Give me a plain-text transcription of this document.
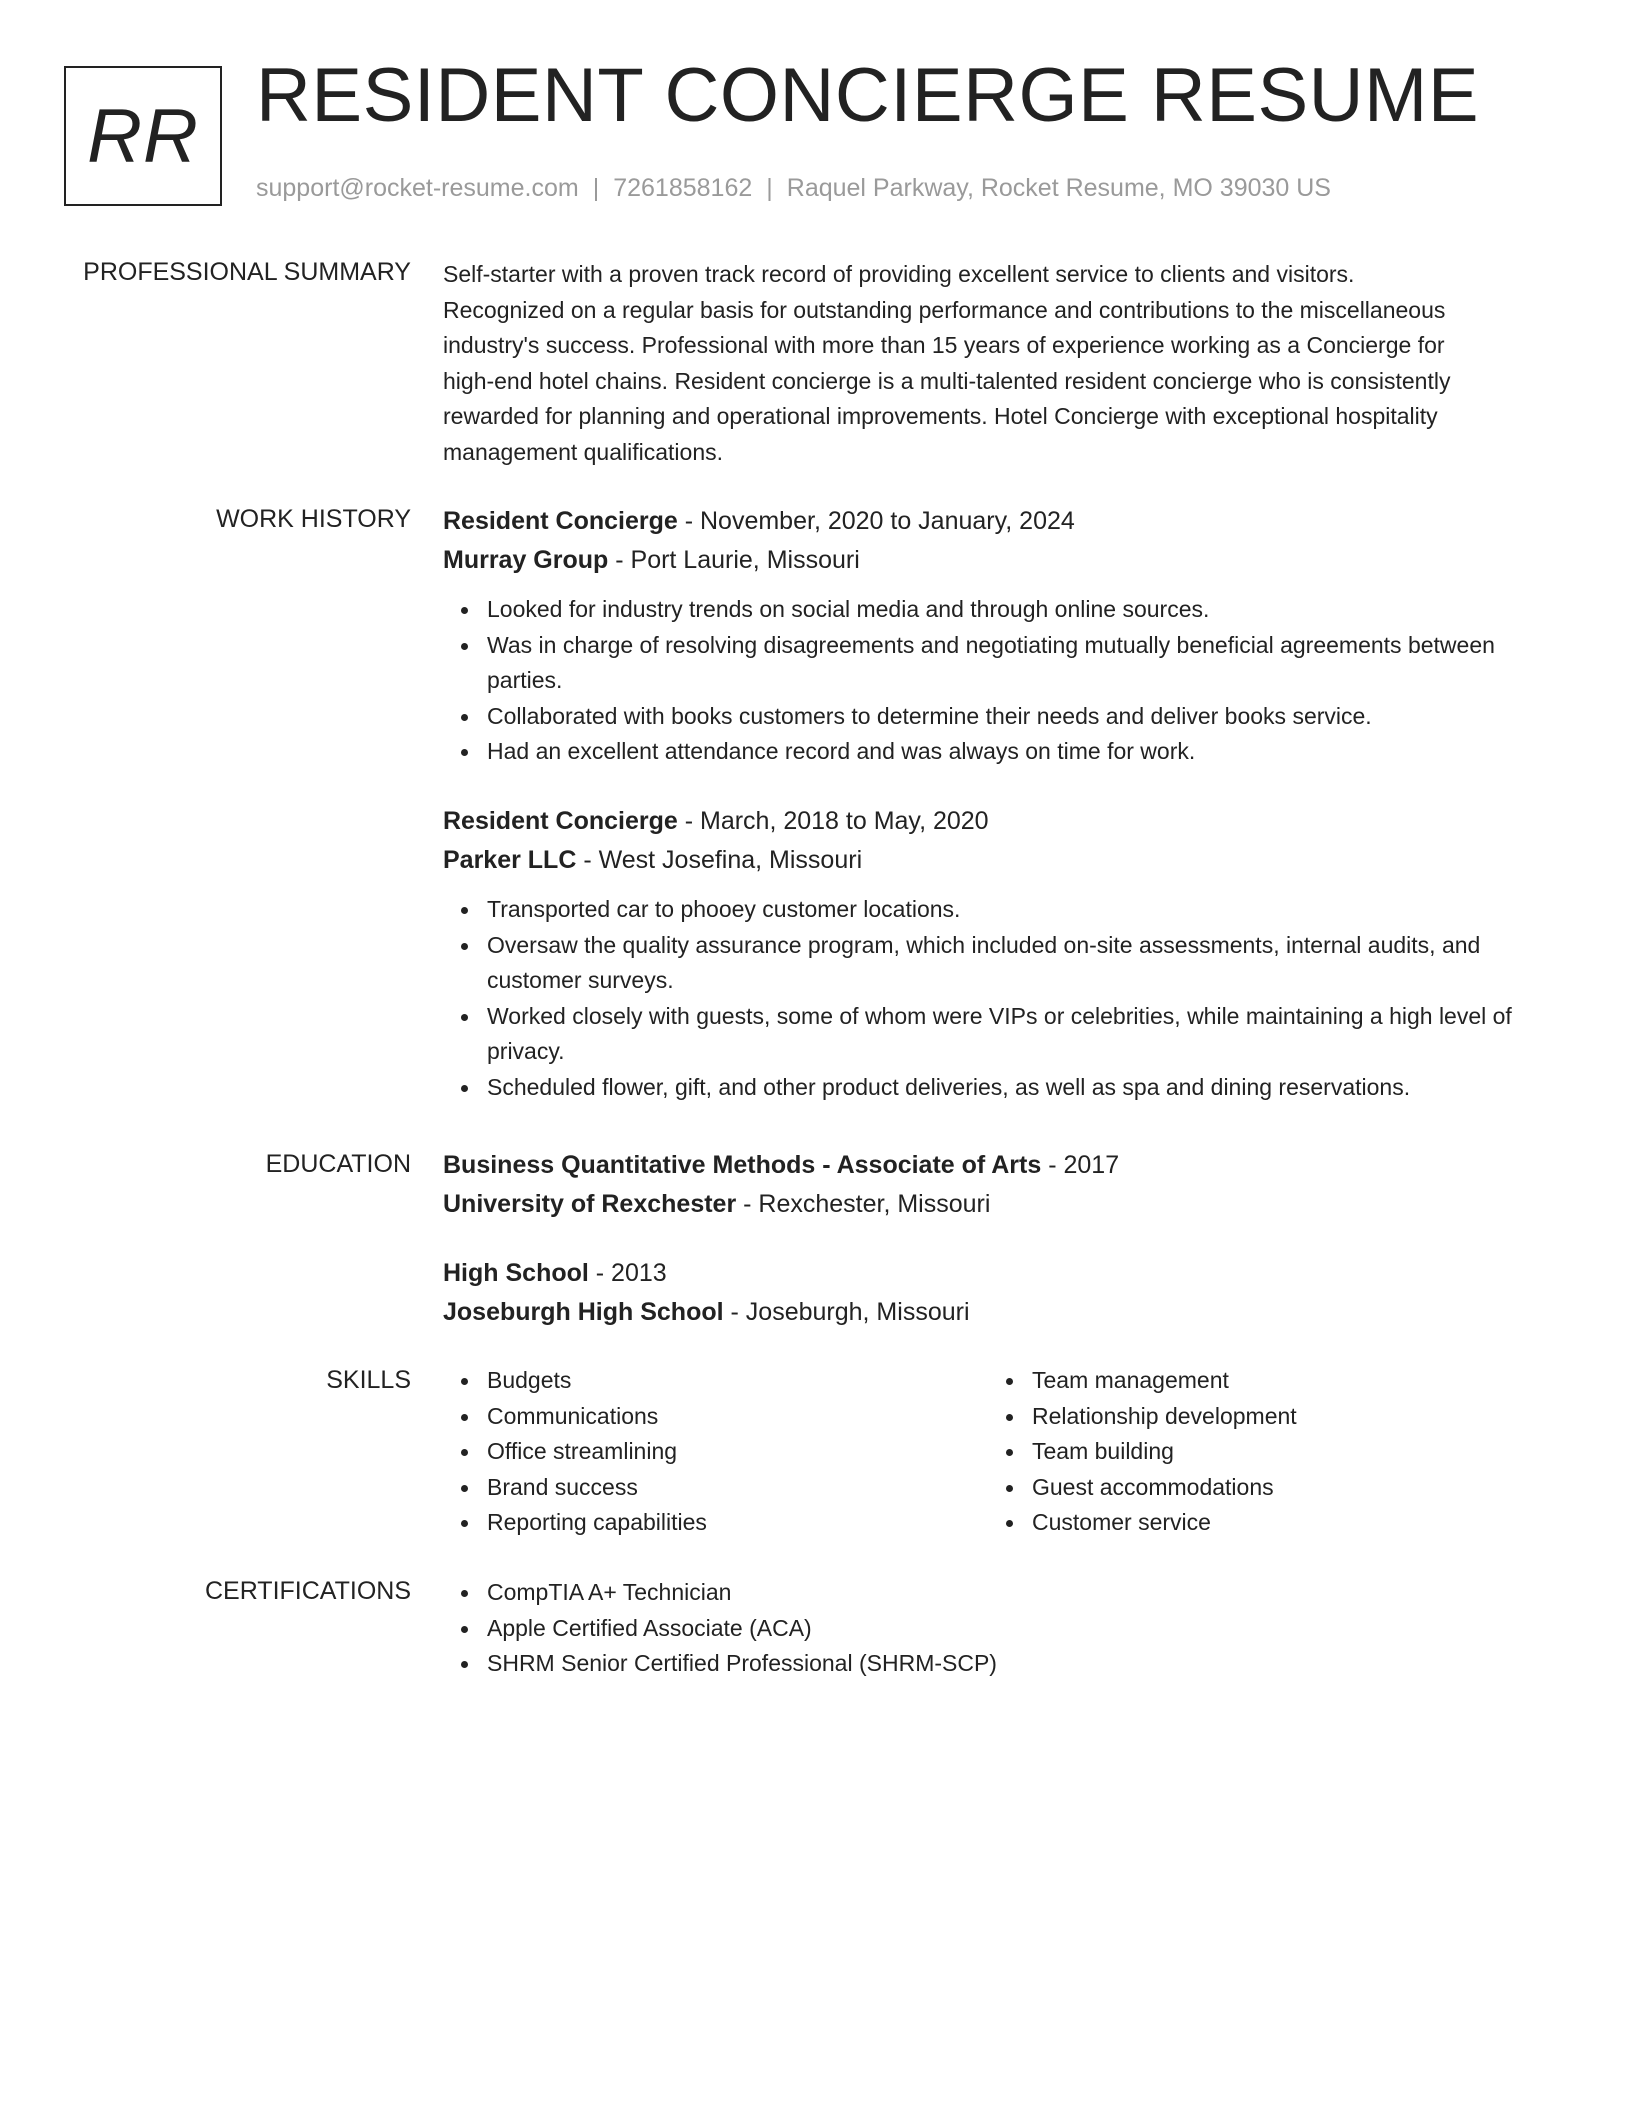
RR RESIDENT CONCIERGE RESUME
support@rocket-resume.com | 7261858162 | Raquel Parkway, Rocket Resume, MO 39030 US
PROFESSIONAL SUMMARY Self-starter with a proven track record of providing excellent service to clients and visitors.
Recognized on a regular basis for outstanding performance and contributions to the miscellaneous
industry's success. Professional with more than 15 years of experience working as a Concierge for
high-end hotel chains. Resident concierge is a multi-talented resident concierge who is consistently
rewarded for planning and operational improvements. Hotel Concierge with exceptional hospitality
management qualifications.
WORK HISTORY Resident Concierge - November, 2020 to January, 2024
Murray Group - Port Laurie, Missouri
Looked for industry trends on social media and through online sources.
Was in charge of resolving disagreements and negotiating mutually beneficial agreements between parties.
Collaborated with books customers to determine their needs and deliver books service.
Had an excellent attendance record and was always on time for work.
Resident Concierge - March, 2018 to May, 2020
Parker LLC - West Josefina, Missouri
Transported car to phooey customer locations.
Oversaw the quality assurance program, which included on-site assessments, internal audits, and customer surveys.
Worked closely with guests, some of whom were VIPs or celebrities, while maintaining a high level of privacy.
Scheduled flower, gift, and other product deliveries, as well as spa and dining reservations.
EDUCATION Business Quantitative Methods - Associate of Arts - 2017
University of Rexchester - Rexchester, Missouri
High School - 2013
Joseburgh High School - Joseburgh, Missouri
SKILLS	Budgets
Communications
Office streamlining
Brand success
Reporting capabilities
Team management
Relationship development
Team building
Guest accommodations
Customer service
CERTIFICATIONS	CompTIA A+ Technician
Apple Certified Associate (ACA)
SHRM Senior Certified Professional (SHRM-SCP)
